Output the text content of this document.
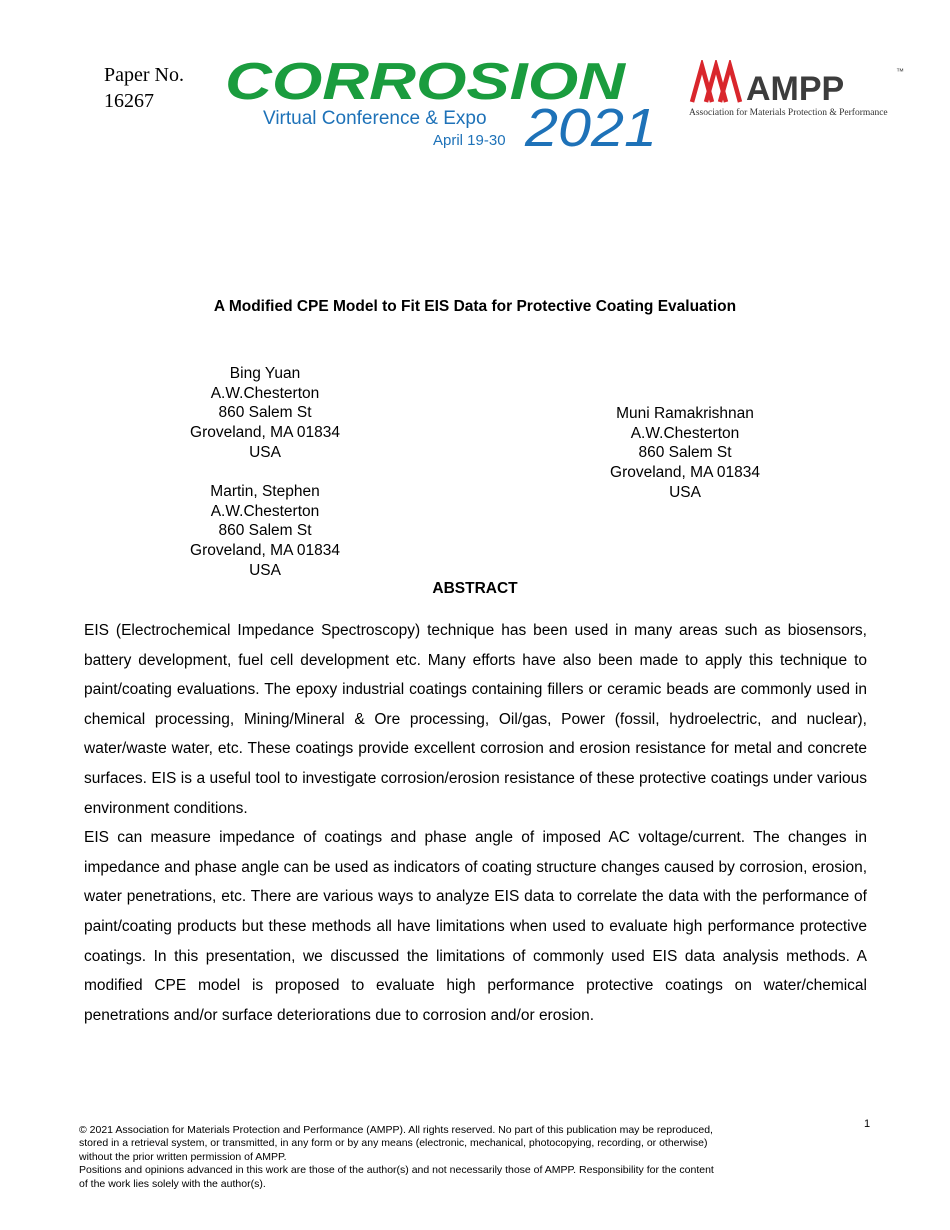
Paper No.
16267	CORROSION
Virtual Conference & Expo
April 19-30 2021
AMPP	™
Association for Materials Protection & Performance
A Modified CPE Model to Fit EIS Data for Protective Coating Evaluation
Bing Yuan
A.W.Chesterton
860 Salem St
Groveland, MA 01834
USA
Martin, Stephen
A.W.Chesterton
860 Salem St
Groveland, MA 01834
USA
Muni Ramakrishnan
A.W.Chesterton
860 Salem St
Groveland, MA 01834
USA
ABSTRACT

EIS (Electrochemical Impedance Spectroscopy) technique has been used in many areas such as biosensors, battery development, fuel cell development etc. Many efforts have also been made to apply this technique to paint/coating evaluations. The epoxy industrial coatings containing fillers or ceramic beads are commonly used in chemical processing, Mining/Mineral & Ore processing, Oil/gas, Power (fossil, hydroelectric, and nuclear), water/waste water, etc. These coatings provide excellent corrosion and erosion resistance for metal and concrete surfaces. EIS is a useful tool to investigate corrosion/erosion resistance of these protective coatings under various environment conditions.

EIS can measure impedance of coatings and phase angle of imposed AC voltage/current. The changes in impedance and phase angle can be used as indicators of coating structure changes caused by corrosion, erosion, water penetrations, etc. There are various ways to analyze EIS data to correlate the data with the performance of paint/coating products but these methods all have limitations when used to evaluate high performance protective coatings. In this presentation, we discussed the limitations of commonly used EIS data analysis methods. A modified CPE model is proposed to evaluate high performance protective coatings on water/chemical penetrations and/or surface deteriorations due to corrosion and/or erosion.

1
© 2021 Association for Materials Protection and Performance (AMPP). All rights reserved. No part of this publication may be reproduced,
stored in a retrieval system, or transmitted, in any form or by any means (electronic, mechanical, photocopying, recording, or otherwise)
without the prior written permission of AMPP.
Positions and opinions advanced in this work are those of the author(s) and not necessarily those of AMPP. Responsibility for the content
of the work lies solely with the author(s).
